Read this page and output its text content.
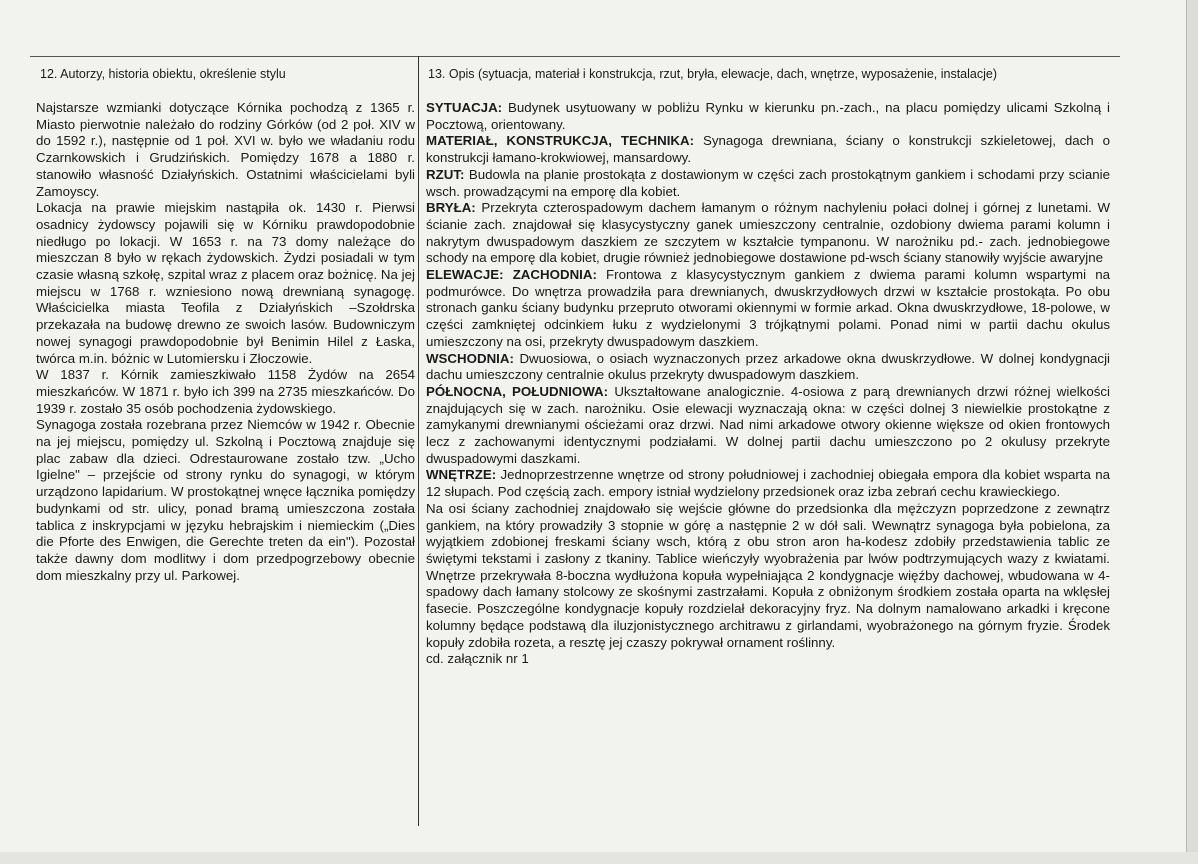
12. Autorzy, historia obiektu, określenie stylu	13. Opis (sytuacja, materiał i konstrukcja, rzut, bryła, elewacje, dach, wnętrze, wyposażenie, instalacje)

Najstarsze wzmianki dotyczące Kórnika pochodzą z 1365 r. Miasto pierwotnie należało do rodziny Górków (od 2 poł. XIV w do 1592 r.), następnie od 1 poł. XVI w. było we władaniu rodu Czarnkowskich i Grudzińskich. Pomiędzy 1678 a 1880 r. stanowiło własność Działyńskich. Ostatnimi właścicielami byli Zamoyscy.

Lokacja na prawie miejskim nastąpiła ok. 1430 r. Pierwsi osadnicy żydowscy pojawili się w Kórniku prawdopodobnie niedługo po lokacji. W 1653 r. na 73 domy należące do mieszczan 8 było w rękach żydowskich. Żydzi posiadali w tym czasie własną szkołę, szpital wraz z placem oraz bożnicę. Na jej miejscu w 1768 r. wzniesiono nową drewnianą synagogę. Właścicielka miasta Teofila z Działyńskich –Szołdrska przekazała na budowę drewno ze swoich lasów. Budowniczym nowej synagogi prawdopodobnie był Benimin Hilel z Łaska, twórca m.in. bóżnic w Lutomiersku i Złoczowie.

W 1837 r. Kórnik zamieszkiwało 1158 Żydów na 2654 mieszkańców. W 1871 r. było ich 399 na 2735 mieszkańców. Do 1939 r. zostało 35 osób pochodzenia żydowskiego.

Synagoga została rozebrana przez Niemców w 1942 r. Obecnie na jej miejscu, pomiędzy ul. Szkolną i Pocztową znajduje się plac zabaw dla dzieci. Odrestaurowane zostało tzw. „Ucho Igielne" – przejście od strony rynku do synagogi, w którym urządzono lapidarium. W prostokątnej wnęce łącznika pomiędzy budynkami od str. ulicy, ponad bramą umieszczona została tablica z inskrypcjami w języku hebrajskim i niemieckim („Dies die Pforte des Enwigen, die Gerechte treten da ein"). Pozostał także dawny dom modlitwy i dom przedpogrzebowy obecnie dom mieszkalny przy ul. Parkowej.

SYTUACJA: Budynek usytuowany w pobliżu Rynku w kierunku pn.-zach., na placu pomiędzy ulicami Szkolną i Pocztową, orientowany.

MATERIAŁ, KONSTRUKCJA, TECHNIKA: Synagoga drewniana, ściany o konstrukcji szkieletowej, dach o konstrukcji łamano-krokwiowej, mansardowy.

RZUT: Budowla na planie prostokąta z dostawionym w części zach prostokątnym gankiem i schodami przy scianie wsch. prowadzącymi na emporę dla kobiet.

BRYŁA: Przekryta czterospadowym dachem łamanym o różnym nachyleniu połaci dolnej i górnej z lunetami. W ścianie zach. znajdował się klasycystyczny ganek umieszczony centralnie, ozdobiony dwiema parami kolumn i nakrytym dwuspadowym daszkiem ze szczytem w kształcie tympanonu. W narożniku pd.- zach. jednobiegowe schody na emporę dla kobiet, drugie również jednobiegowe dostawione pd-wsch ściany stanowiły wyjście awaryjne

ELEWACJE: ZACHODNIA: Frontowa z klasycystycznym gankiem z dwiema parami kolumn wspartymi na podmurówce. Do wnętrza prowadziła para drewnianych, dwuskrzydłowych drzwi w kształcie prostokąta. Po obu stronach ganku ściany budynku przepruto otworami okiennymi w formie arkad. Okna dwuskrzydłowe, 18-polowe, w części zamkniętej odcinkiem łuku z wydzielonymi 3 trójkątnymi polami. Ponad nimi w partii dachu okulus umieszczony na osi, przekryty dwuspadowym daszkiem.

WSCHODNIA: Dwuosiowa, o osiach wyznaczonych przez arkadowe okna dwuskrzydłowe. W dolnej kondygnacji dachu umieszczony centralnie okulus przekryty dwuspadowym daszkiem.

PÓŁNOCNA, POŁUDNIOWA: Ukształtowane analogicznie. 4-osiowa z parą drewnianych drzwi różnej wielkości znajdujących się w zach. narożniku. Osie elewacji wyznaczają okna: w części dolnej 3 niewielkie prostokątne z zamykanymi drewnianymi ościeżami oraz drzwi. Nad nimi arkadowe otwory okienne większe od okien frontowych lecz z zachowanymi identycznymi podziałami. W dolnej partii dachu umieszczono po 2 okulusy przekryte dwuspadowymi daszkami.

WNĘTRZE: Jednoprzestrzenne wnętrze od strony południowej i zachodniej obiegała empora dla kobiet wsparta na 12 słupach. Pod częścią zach. empory istniał wydzielony przedsionek oraz izba zebrań cechu krawieckiego.

Na osi ściany zachodniej znajdowało się wejście główne do przedsionka dla mężczyzn poprzedzone z zewnątrz gankiem, na który prowadziły 3 stopnie w górę a następnie 2 w dół sali. Wewnątrz synagoga była pobielona, za wyjątkiem zdobionej freskami ściany wsch, którą z obu stron aron ha-kodesz zdobiły przedstawienia tablic ze świętymi tekstami i zasłony z tkaniny. Tablice wieńczyły wyobrażenia par lwów podtrzymujących wazy z kwiatami. Wnętrze przekrywała 8-boczna wydłużona kopuła wypełniająca 2 kondygnacje więźby dachowej, wbudowana w 4-spadowy dach łamany stolcowy ze skośnymi zastrzałami. Kopuła z obniżonym środkiem została oparta na wklęsłej fasecie. Poszczególne kondygnacje kopuły rozdzielał dekoracyjny fryz. Na dolnym namalowano arkadki i kręcone kolumny będące podstawą dla iluzjonistycznego architrawu z girlandami, wyobrażonego na górnym fryzie. Środek kopuły zdobiła rozeta, a resztę jej czaszy pokrywał ornament roślinny.

cd. załącznik nr 1
